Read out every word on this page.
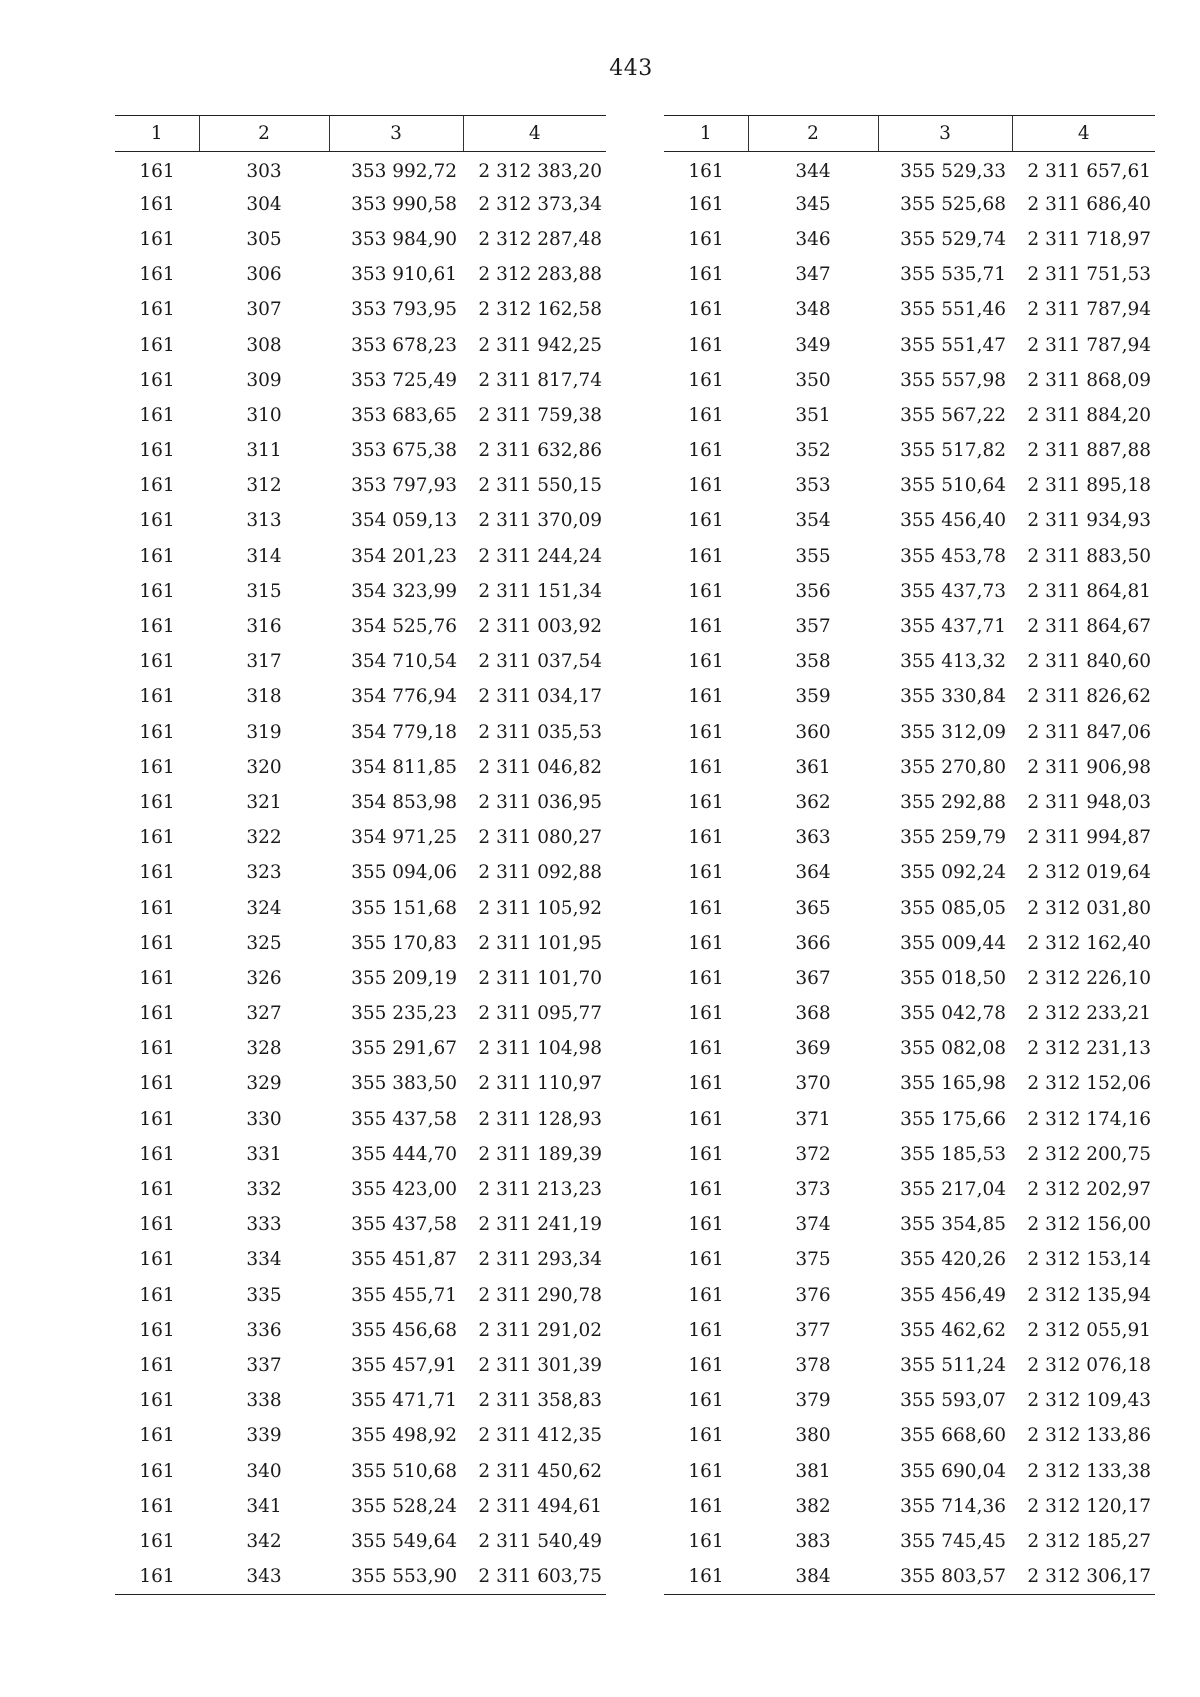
443
1	2	3	4
161	303	353 992,72	2 312 383,20
161	304	353 990,58	2 312 373,34
161	305	353 984,90	2 312 287,48
161	306	353 910,61	2 312 283,88
161	307	353 793,95	2 312 162,58
161	308	353 678,23	2 311 942,25
161	309	353 725,49	2 311 817,74
161	310	353 683,65	2 311 759,38
161	311	353 675,38	2 311 632,86
161	312	353 797,93	2 311 550,15
161	313	354 059,13	2 311 370,09
161	314	354 201,23	2 311 244,24
161	315	354 323,99	2 311 151,34
161	316	354 525,76	2 311 003,92
161	317	354 710,54	2 311 037,54
161	318	354 776,94	2 311 034,17
161	319	354 779,18	2 311 035,53
161	320	354 811,85	2 311 046,82
161	321	354 853,98	2 311 036,95
161	322	354 971,25	2 311 080,27
161	323	355 094,06	2 311 092,88
161	324	355 151,68	2 311 105,92
161	325	355 170,83	2 311 101,95
161	326	355 209,19	2 311 101,70
161	327	355 235,23	2 311 095,77
161	328	355 291,67	2 311 104,98
161	329	355 383,50	2 311 110,97
161	330	355 437,58	2 311 128,93
161	331	355 444,70	2 311 189,39
161	332	355 423,00	2 311 213,23
161	333	355 437,58	2 311 241,19
161	334	355 451,87	2 311 293,34
161	335	355 455,71	2 311 290,78
161	336	355 456,68	2 311 291,02
161	337	355 457,91	2 311 301,39
161	338	355 471,71	2 311 358,83
161	339	355 498,92	2 311 412,35
161	340	355 510,68	2 311 450,62
161	341	355 528,24	2 311 494,61
161	342	355 549,64	2 311 540,49
161	343	355 553,90	2 311 603,75
1	2	3	4
161	344	355 529,33	2 311 657,61
161	345	355 525,68	2 311 686,40
161	346	355 529,74	2 311 718,97
161	347	355 535,71	2 311 751,53
161	348	355 551,46	2 311 787,94
161	349	355 551,47	2 311 787,94
161	350	355 557,98	2 311 868,09
161	351	355 567,22	2 311 884,20
161	352	355 517,82	2 311 887,88
161	353	355 510,64	2 311 895,18
161	354	355 456,40	2 311 934,93
161	355	355 453,78	2 311 883,50
161	356	355 437,73	2 311 864,81
161	357	355 437,71	2 311 864,67
161	358	355 413,32	2 311 840,60
161	359	355 330,84	2 311 826,62
161	360	355 312,09	2 311 847,06
161	361	355 270,80	2 311 906,98
161	362	355 292,88	2 311 948,03
161	363	355 259,79	2 311 994,87
161	364	355 092,24	2 312 019,64
161	365	355 085,05	2 312 031,80
161	366	355 009,44	2 312 162,40
161	367	355 018,50	2 312 226,10
161	368	355 042,78	2 312 233,21
161	369	355 082,08	2 312 231,13
161	370	355 165,98	2 312 152,06
161	371	355 175,66	2 312 174,16
161	372	355 185,53	2 312 200,75
161	373	355 217,04	2 312 202,97
161	374	355 354,85	2 312 156,00
161	375	355 420,26	2 312 153,14
161	376	355 456,49	2 312 135,94
161	377	355 462,62	2 312 055,91
161	378	355 511,24	2 312 076,18
161	379	355 593,07	2 312 109,43
161	380	355 668,60	2 312 133,86
161	381	355 690,04	2 312 133,38
161	382	355 714,36	2 312 120,17
161	383	355 745,45	2 312 185,27
161	384	355 803,57	2 312 306,17
